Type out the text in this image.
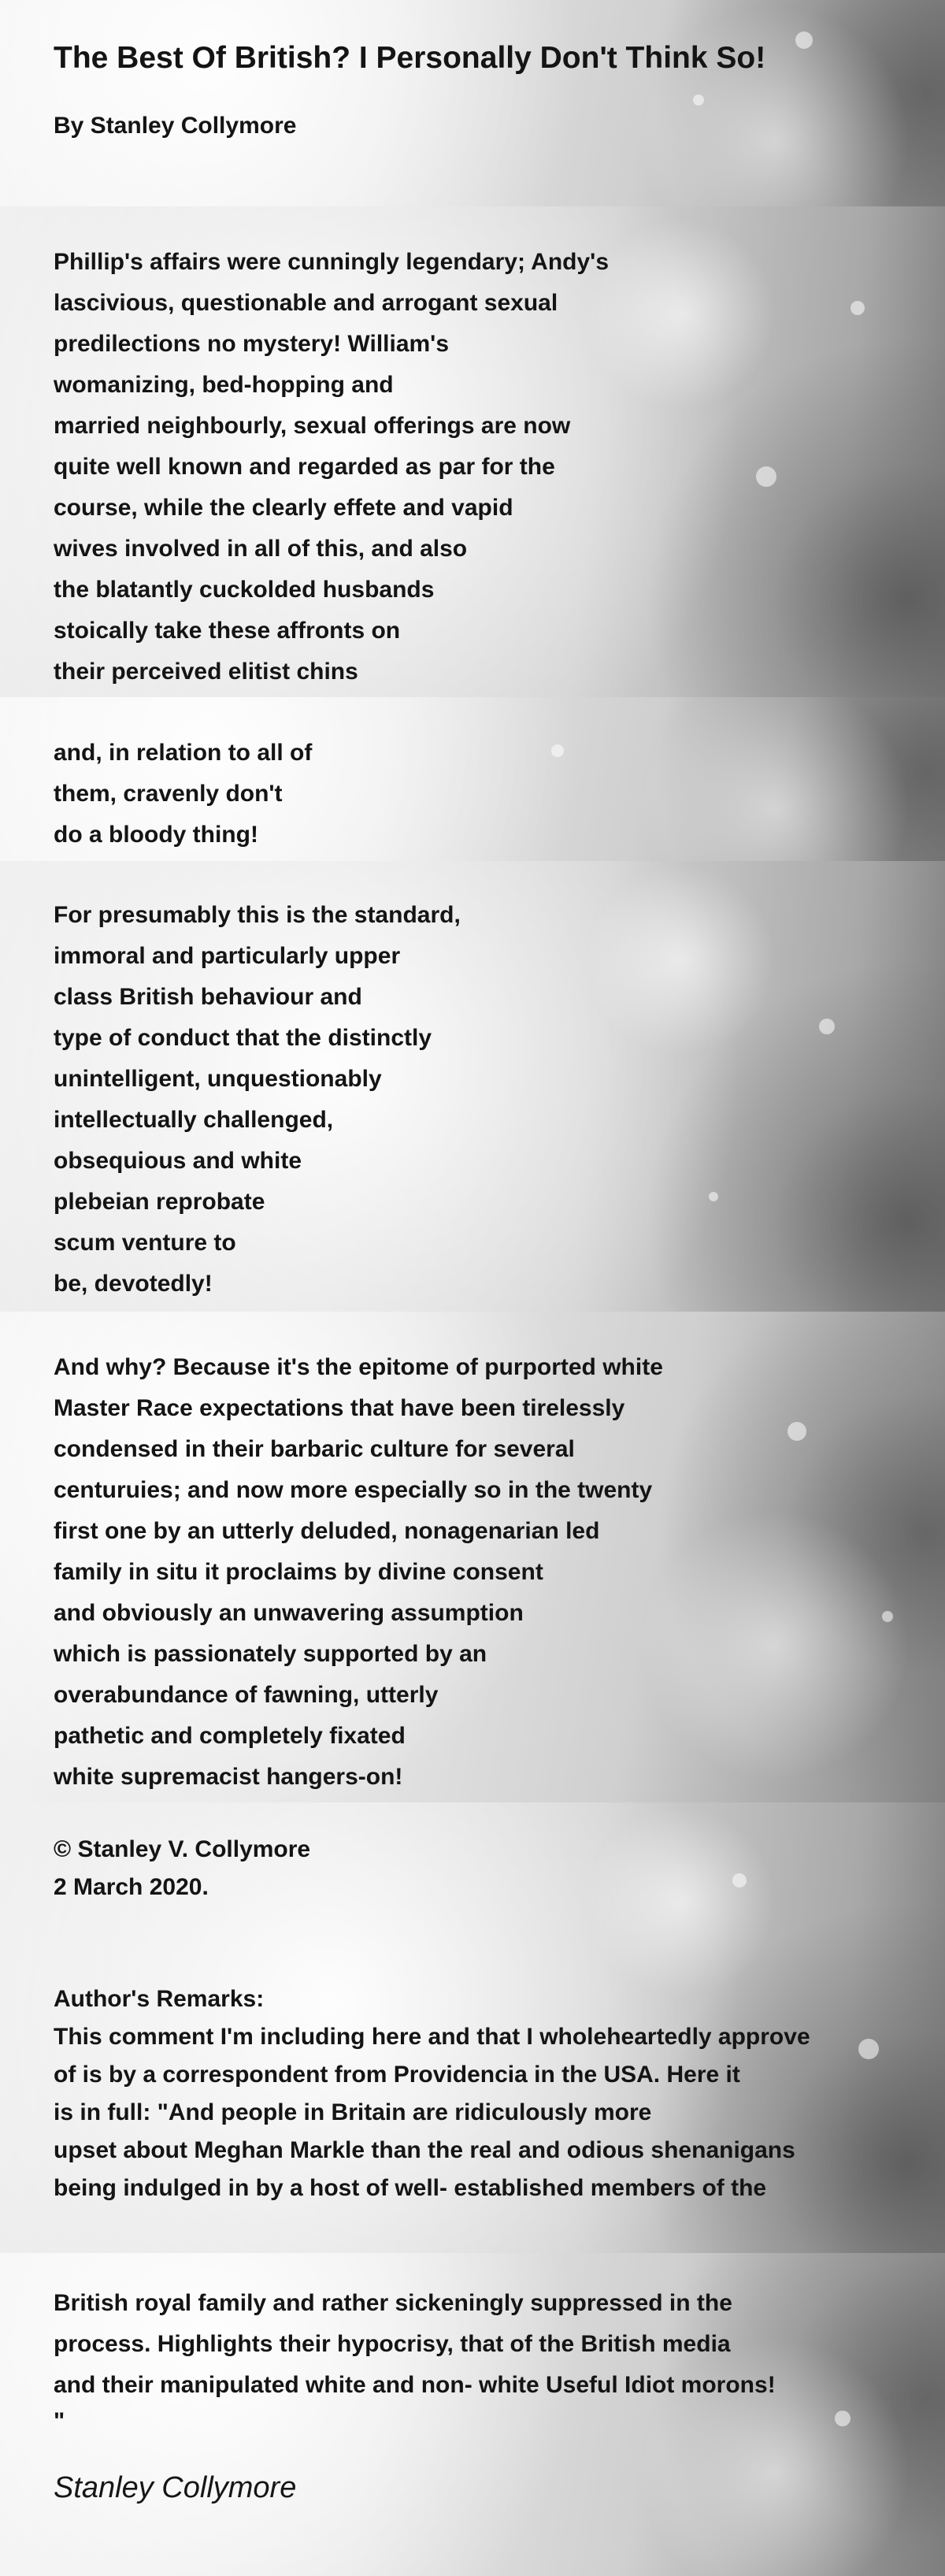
The Best Of British? I Personally Don't Think So!
By Stanley Collymore
Phillip's affairs were cunningly legendary; Andy's
lascivious, questionable and arrogant sexual
predilections no mystery! William's
womanizing, bed-hopping and
married neighbourly, sexual offerings are now
quite well known and regarded as par for the
course, while the clearly effete and vapid
wives involved in all of this, and also
the blatantly cuckolded husbands
stoically take these affronts on
their perceived elitist chins
and, in relation to all of
them, cravenly don't
do a bloody thing!
For presumably this is the standard,
immoral and particularly upper
class British behaviour and
type of conduct that the distinctly
unintelligent, unquestionably
intellectually challenged,
obsequious and white
plebeian reprobate
scum venture to
be, devotedly!
And why? Because it's the epitome of purported white
Master Race expectations that have been tirelessly
condensed in their barbaric culture for several
centuruies; and now more especially so in the twenty
first one by an utterly deluded, nonagenarian led
family in situ it proclaims by divine consent
and obviously an unwavering assumption
which is passionately supported by an
overabundance of fawning, utterly
pathetic and completely fixated
white supremacist hangers-on!
© Stanley V. Collymore
2 March 2020.
Author's Remarks:
This comment I'm including here and that I wholeheartedly approve
of is by a correspondent from Providencia in the USA. Here it
is in full: "And people in Britain are ridiculously more
upset about Meghan Markle than the real and odious shenanigans
being indulged in by a host of well- established members of the
British royal family and rather sickeningly suppressed in the
process. Highlights their hypocrisy, that of the British media
and their manipulated white and non- white Useful Idiot morons!
"
Stanley Collymore
